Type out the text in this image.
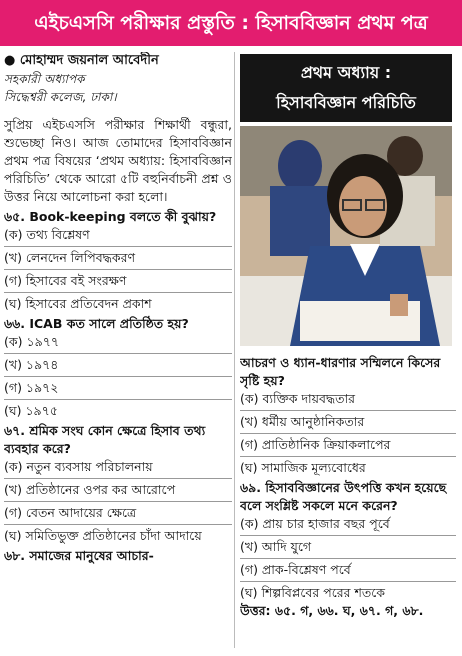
এইচএসসি পরীক্ষার প্রস্তুতি : হিসাববিজ্ঞান প্রথম পত্র

● মোহাম্মদ জয়নাল আবেদীন

সহকারী অধ্যাপক

সিদ্ধেশ্বরী কলেজ, ঢাকা।

সুপ্রিয় এইচএসসি পরীক্ষার শিক্ষার্থী বন্ধুরা, শুভেচ্ছা নিও। আজ তোমাদের হিসাববিজ্ঞান প্রথম পত্র বিষয়ের ‘প্রথম অধ্যায়: হিসাববিজ্ঞান পরিচিতি’ থেকে আরো ৫টি বহুনির্বাচনী প্রশ্ন ও উত্তর নিয়ে আলোচনা করা হলো।

৬৫. Book-keeping বলতে কী বুঝায়?

(ক) তথ্য বিশ্লেষণ

(খ) লেনদেন লিপিবদ্ধকরণ

(গ) হিসাবের বই সংরক্ষণ

(ঘ) হিসাবের প্রতিবেদন প্রকাশ

৬৬. ICAB কত সালে প্রতিষ্ঠিত হয়?

(ক) ১৯৭৭

(খ) ১৯৭৪

(গ) ১৯৭২

(ঘ) ১৯৭৫

৬৭. শ্রমিক সংঘ কোন ক্ষেত্রে হিসাব তথ্য ব্যবহার করে?

(ক) নতুন ব্যবসায় পরিচালনায়

(খ) প্রতিষ্ঠানের ওপর কর আরোপে

(গ) বেতন আদায়ের ক্ষেত্রে

(ঘ) সমিতিভুক্ত প্রতিষ্ঠানের চাঁদা আদায়ে

৬৮. সমাজের মানুষের আচার-

প্রথম অধ্যায় :
হিসাববিজ্ঞান পরিচিতি

আচরণ ও ধ্যান-ধারণার সম্মিলনে কিসের সৃষ্টি হয়?

(ক) ব্যক্তিক দায়বদ্ধতার

(খ) ধর্মীয় আনুষ্ঠানিকতার

(গ) প্রাতিষ্ঠানিক ক্রিয়াকলাপের

(ঘ) সামাজিক মূল্যবোধের

৬৯. হিসাববিজ্ঞানের উৎপত্তি কখন হয়েছে বলে সংশ্লিষ্ট সকলে মনে করেন?

(ক) প্রায় চার হাজার বছর পূর্বে

(খ) আদি যুগে

(গ) প্রাক-বিশ্লেষণ পর্বে

(ঘ) শিল্পবিপ্লবের পরের শতকে

উত্তর: ৬৫. গ, ৬৬. ঘ, ৬৭. গ, ৬৮.
